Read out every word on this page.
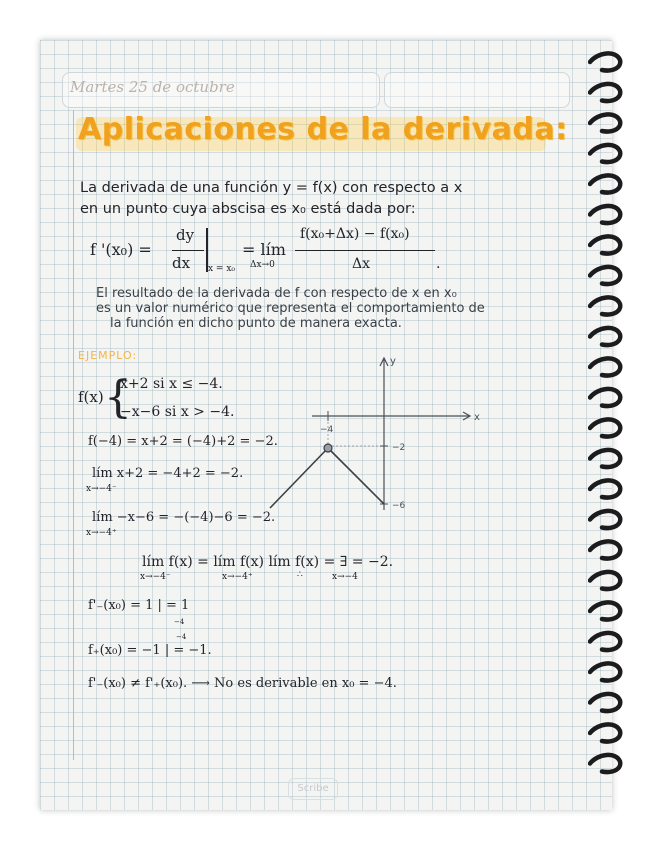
Martes 25 de octubre
Aplicaciones de la derivada:
La derivada de una función y = f(x) con respecto a x
en un punto cuya abscisa es x₀ está dada por:
f '(x₀) =
dy
dx x = x₀
= lím
Δx→0
f(x₀+Δx) − f(x₀)
Δx	.
El resultado de la derivada de f con respecto de x en x₀
es un valor numérico que representa el comportamiento de
la función en dicho punto de manera exacta.
EJEMPLO:
f(x) {
x+2 si x ≤ −4.
−x−6 si x > −4.
f(−4) = x+2 = (−4)+2 = −2.
lím x+2 = −4+2 = −2.
x→−4⁻
lím −x−6 = −(−4)−6 = −2.
x→−4⁺
lím f(x) = lím f(x) lím f(x) = ∃ = −2.
x→−4⁻	x→−4⁺	∴	x→−4
f'₋(x₀) = 1 | = 1
−4
f₊(x₀) = −1 | = −1.
−4
f'₋(x₀) ≠ f'₊(x₀). ⟶ No es derivable en x₀ = −4.
y
x
−4
−2
−6
Scribe
